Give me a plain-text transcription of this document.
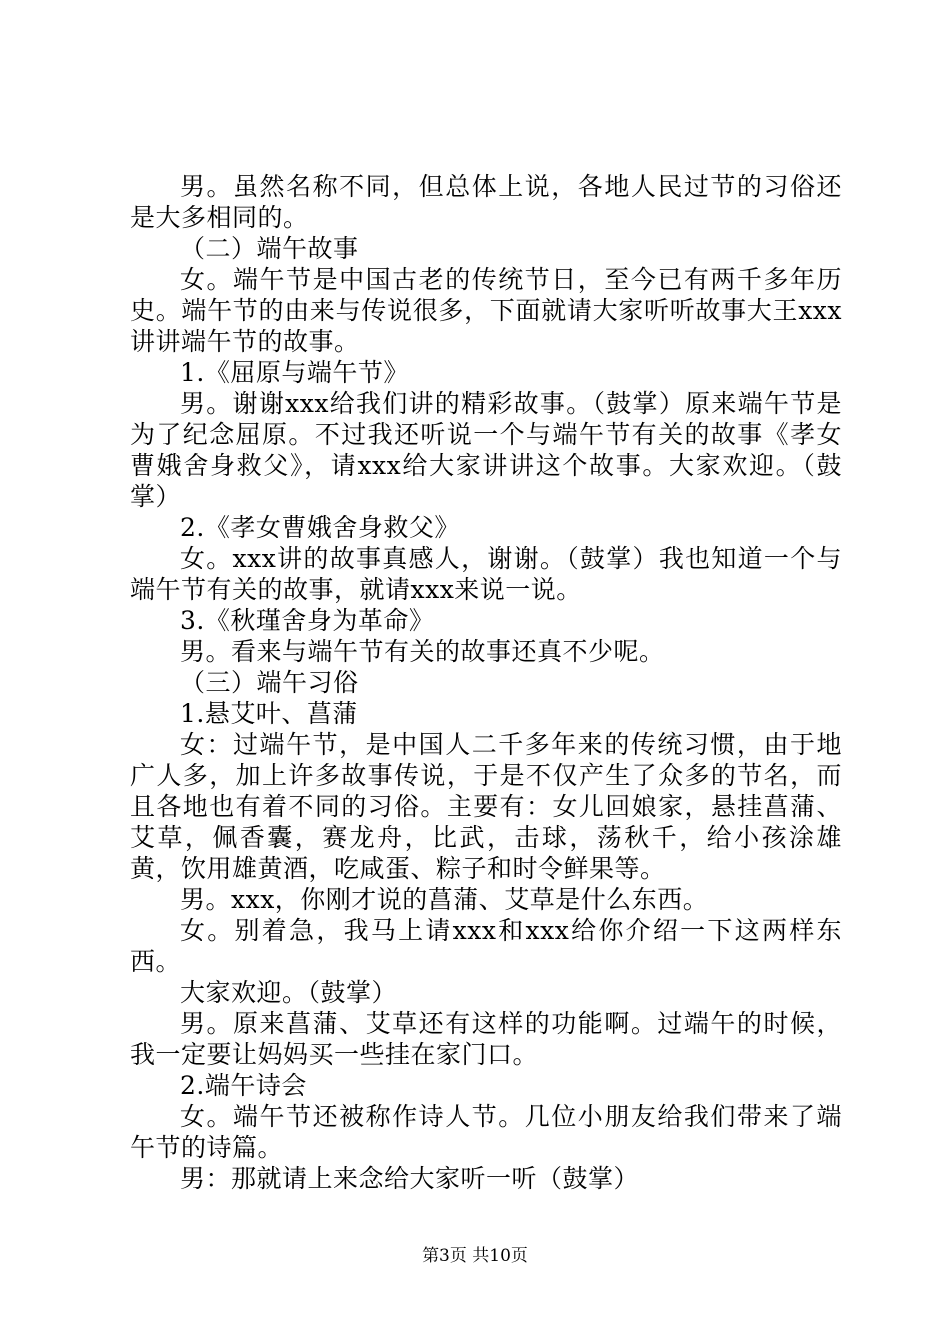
男。虽然名称不同，但总体上说，各地人民过节的习俗还是大多相同的。

（二）端午故事

女。端午节是中国古老的传统节日，至今已有两千多年历史。端午节的由来与传说很多，下面就请大家听听故事大王xxx讲讲端午节的故事。

1.《屈原与端午节》

男。谢谢xxx给我们讲的精彩故事。（鼓掌）原来端午节是为了纪念屈原。不过我还听说一个与端午节有关的故事《孝女曹娥舍身救父》，请xxx给大家讲讲这个故事。大家欢迎。（鼓掌）

2.《孝女曹娥舍身救父》

女。xxx讲的故事真感人，谢谢。（鼓掌）我也知道一个与端午节有关的故事，就请xxx来说一说。

3.《秋瑾舍身为革命》

男。看来与端午节有关的故事还真不少呢。

（三）端午习俗

1.悬艾叶、菖蒲

女：过端午节，是中国人二千多年来的传统习惯，由于地广人多，加上许多故事传说，于是不仅产生了众多的节名，而且各地也有着不同的习俗。主要有：女儿回娘家，悬挂菖蒲、艾草，佩香囊，赛龙舟，比武，击球，荡秋千，给小孩涂雄黄，饮用雄黄酒，吃咸蛋、粽子和时令鲜果等。

男。xxx，你刚才说的菖蒲、艾草是什么东西。

女。别着急，我马上请xxx和xxx给你介绍一下这两样东西。

大家欢迎。（鼓掌）

男。原来菖蒲、艾草还有这样的功能啊。过端午的时候，我一定要让妈妈买一些挂在家门口。

2.端午诗会

女。端午节还被称作诗人节。几位小朋友给我们带来了端午节的诗篇。

男：那就请上来念给大家听一听（鼓掌）

第3页 共10页
